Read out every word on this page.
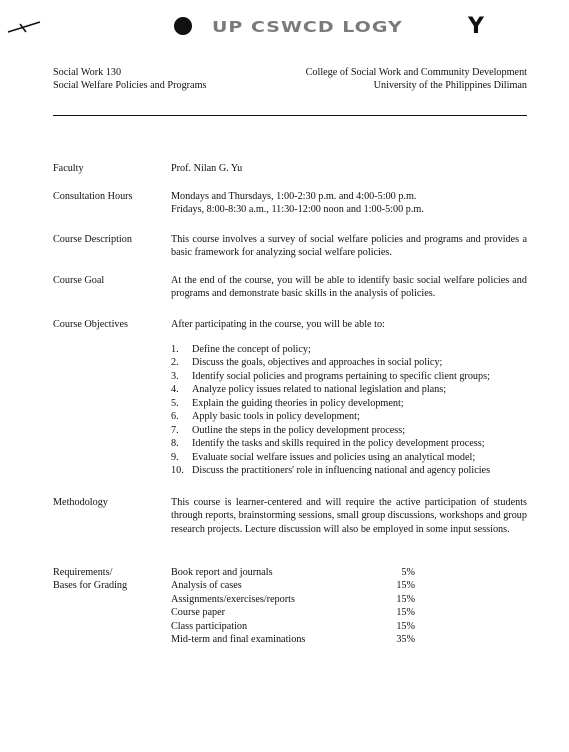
UP CSWCD LOGY	Y
Social Work 130
Social Welfare Policies and Programs
College of Social Work and Community Development
University of the Philippines Diliman
Faculty	Prof. Nilan G. Yu
Consultation Hours	Mondays and Thursdays, 1:00-2:30 p.m. and 4:00-5:00 p.m.
Fridays, 8:00-8:30 a.m., 11:30-12:00 noon and 1:00-5:00 p.m.
Course Description	This course involves a survey of social welfare policies and programs and provides a basic framework for analyzing social welfare policies.
Course Goal	At the end of the course, you will be able to identify basic social welfare policies and programs and demonstrate basic skills in the analysis of policies.
Course Objectives	After participating in the course, you will be able to:

1.	Define the concept of policy;
2.	Discuss the goals, objectives and approaches in social policy;
3.	Identify social policies and programs pertaining to specific client groups;
4.	Analyze policy issues related to national legislation and plans;
5.	Explain the guiding theories in policy development;
6.	Apply basic tools in policy development;
7.	Outline the steps in the policy development process;
8.	Identify the tasks and skills required in the policy development process;
9.	Evaluate social welfare issues and policies using an analytical model;
10. Discuss the practitioners' role in influencing national and agency policies
Methodology	This course is learner-centered and will require the active participation of students through reports, brainstorming sessions, small group discussions, workshops and group research projects. Lecture discussion will also be employed in some input sessions.
Requirements/
Bases for Grading
Book report and journals	5%
Analysis of cases	15%
Assignments/exercises/reports	15%
Course paper	15%
Class participation	15%
Mid-term and final examinations	35%
